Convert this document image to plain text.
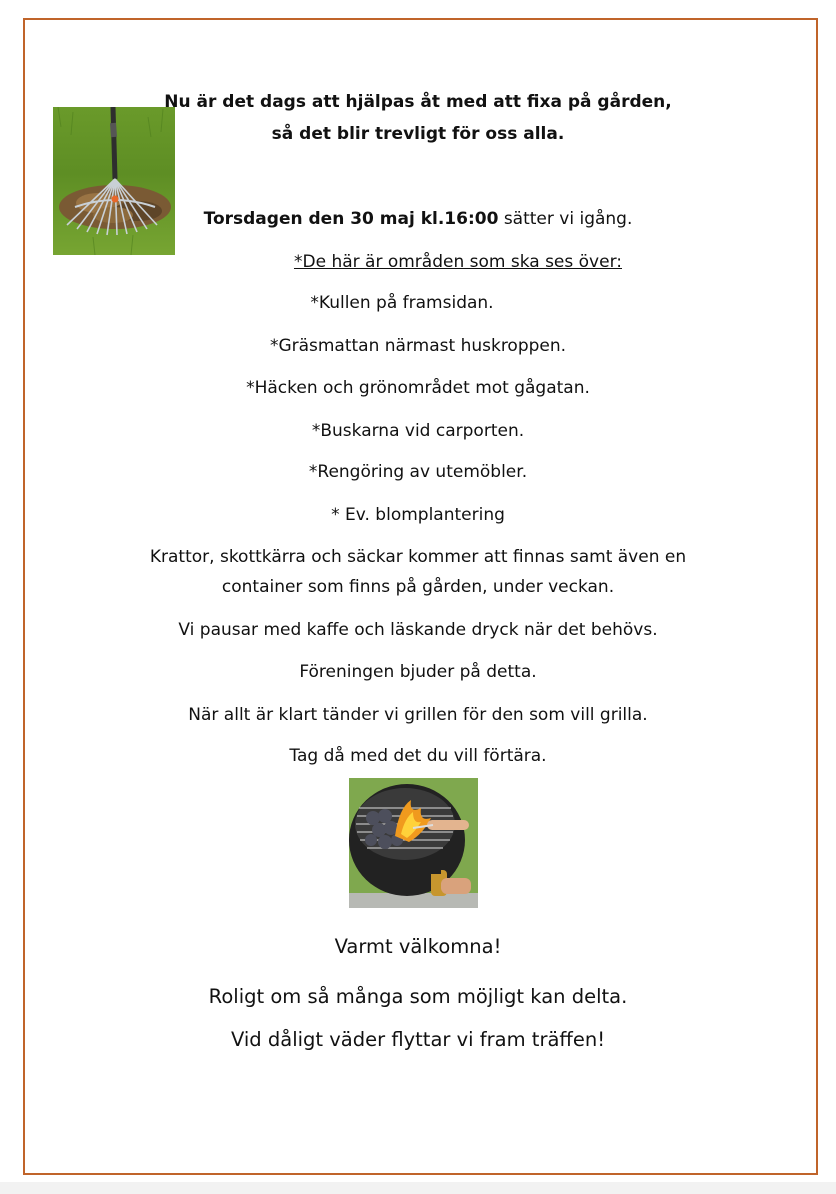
Nu är det dags att hjälpas åt med att fixa på gården,
så det blir trevligt för oss alla.
Torsdagen den 30 maj kl.16:00 sätter vi igång.
*De här är områden som ska ses över:
*Kullen på framsidan.
*Gräsmattan närmast huskroppen.
*Häcken och grönområdet mot gågatan.
*Buskarna vid carporten.
*Rengöring av utemöbler.
* Ev. blomplantering
Krattor, skottkärra och säckar kommer att finnas samt även en
container som finns på gården, under veckan.
Vi pausar med kaffe och läskande dryck när det behövs.
Föreningen bjuder på detta.
När allt är klart tänder vi grillen för den som vill grilla.
Tag då med det du vill förtära.
Varmt välkomna!
Roligt om så många som möjligt kan delta.
Vid dåligt väder flyttar vi fram träffen!
